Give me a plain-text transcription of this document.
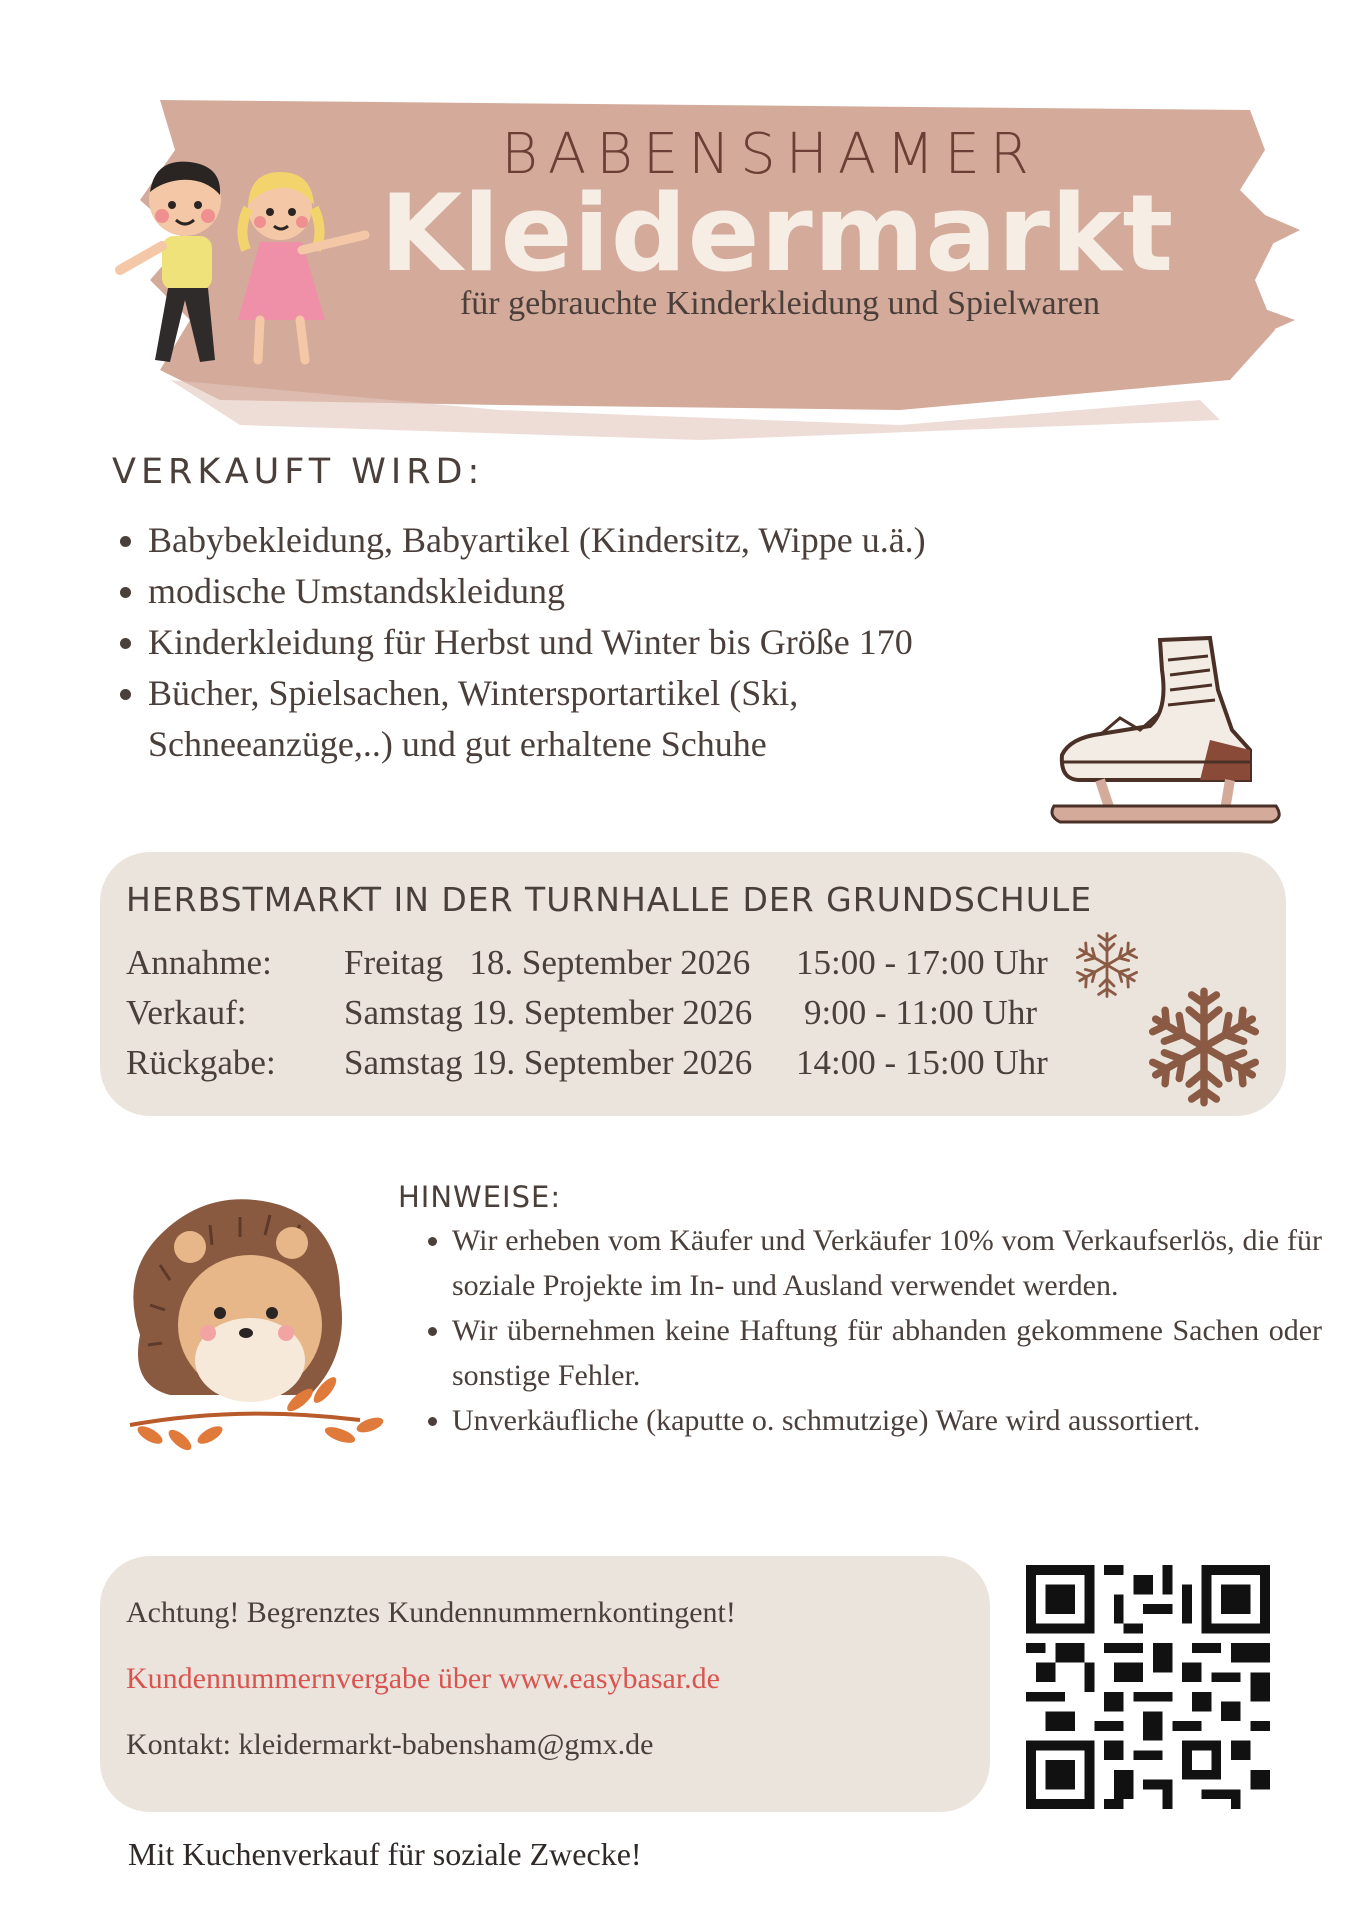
BABENSHAMER
Kleidermarkt
für gebrauchte Kinderkleidung und Spielwaren
VERKAUFT WIRD:
• Babybekleidung, Babyartikel (Kindersitz, Wippe u.ä.)
• modische Umstandskleidung
• Kinderkleidung für Herbst und Winter bis Größe 170
• Bücher, Spielsachen, Wintersportartikel (Ski, Schneeanzüge,..) und gut erhaltene Schuhe
HERBSTMARKT IN DER TURNHALLE DER GRUNDSCHULE
Annahme: Freitag   18. September 2026 15:00 - 17:00 Uhr
Verkauf:	Samstag 19. September 2026 9:00 - 11:00 Uhr
Rückgabe: Samstag 19. September 2026 14:00 - 15:00 Uhr
HINWEISE:
• Wir erheben vom Käufer und Verkäufer 10% vom Verkaufserlös, die für soziale Projekte im In- und Ausland verwendet werden.
• Wir übernehmen keine Haftung für abhanden gekommene Sachen oder sonstige Fehler.
• Unverkäufliche (kaputte o. schmutzige) Ware wird aussortiert.
Achtung! Begrenztes Kundennummernkontingent!
Kundennummernvergabe über www.easybasar.de
Kontakt: kleidermarkt-babensham@gmx.de
Mit Kuchenverkauf für soziale Zwecke!
